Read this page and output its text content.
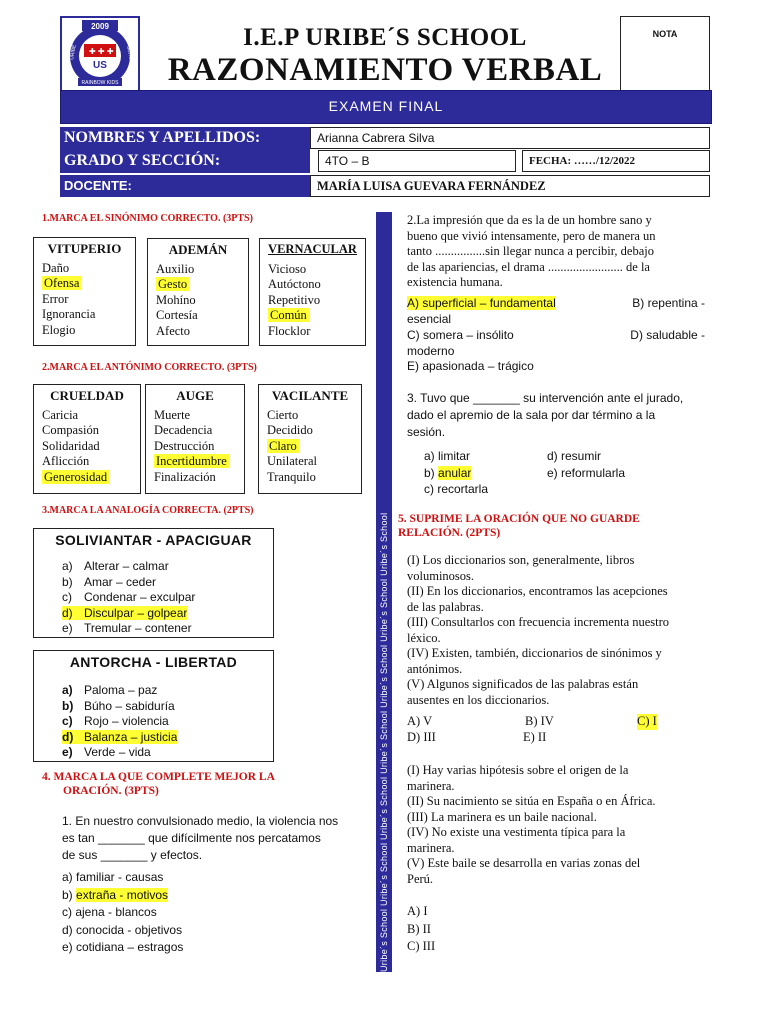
✚ ✚ ✚
US
2009
URIBE	SCHOOL
RAINBOW KIDS
I.E.P URIBE´S SCHOOL
RAZONAMIENTO VERBAL
NOTA
EXAMEN FINAL
NOMBRES Y APELLIDOS:	Arianna Cabrera Silva
GRADO Y SECCIÓN:	4TO – B	FECHA: ……/12/2022
DOCENTE:	MARÍA LUISA GUEVARA FERNÁNDEZ
Uribe´s School Uribe´s School Uribe´s School Uribe´s School Uribe´s School Uribe´s School Uribe´s School
1.MARCA EL SINÓNIMO CORRECTO. (3PTS)
VITUPERIO
Daño
Ofensa
Error
Ignorancia
Elogio
ADEMÁN
Auxilio
Gesto
Mohíno
Cortesía
Afecto
VERNACULAR
Vicioso
Autóctono
Repetitivo
Común
Flocklor
2.MARCA EL ANTÓNIMO CORRECTO. (3PTS)
CRUELDAD
Caricia
Compasión
Solidaridad
Aflicción
Generosidad
AUGE
Muerte
Decadencia
Destrucción
Incertidumbre
Finalización
VACILANTE
Cierto
Decidido
Claro
Unilateral
Tranquilo
3.MARCA LA ANALOGÍA CORRECTA. (2PTS)
SOLIVIANTAR - APACIGUAR
a) Alterar – calmar
b) Amar – ceder
c) Condenar – exculpar
d) Disculpar – golpear
e) Tremular – contener
ANTORCHA - LIBERTAD
a) Paloma – paz
b) Búho – sabiduría
c) Rojo – violencia
d) Balanza – justicia
e) Verde – vida
4. MARCA LA QUE COMPLETE MEJOR LA
ORACIÓN. (3PTS)
1. En nuestro convulsionado medio, la violencia nos
es tan _______ que difícilmente nos percatamos
de sus _______ y efectos.
a) familiar - causas
b) extraña - motivos
c) ajena - blancos
d) conocida - objetivos
e) cotidiana – estragos
2.La impresión que da es la de un hombre sano y
bueno que vivió intensamente, pero de manera un
tanto ................sin llegar nunca a percibir, debajo
de las apariencias, el drama ........................ de la
existencia humana.
A) superficial – fundamental	B) repentina -
esencial
C) somera – insólito	D) saludable -
moderno
E) apasionada – trágico
3. Tuvo que _______ su intervención ante el jurado,
dado el apremio de la sala por dar término a la
sesión.
a) limitar	d) resumir
b) anular	e) reformularla
c) recortarla
5. SUPRIME LA ORACIÓN QUE NO GUARDE
RELACIÓN. (2PTS)
(I) Los diccionarios son, generalmente, libros
voluminosos.
(II) En los diccionarios, encontramos las acepciones
de las palabras.
(III) Consultarlos con frecuencia incrementa nuestro
léxico.
(IV) Existen, también, diccionarios de sinónimos y
antónimos.
(V) Algunos significados de las palabras están
ausentes en los diccionarios.
A) V	B) IV	C) I
D) III	E) II
(I) Hay varias hipótesis sobre el origen de la
marinera.
(II) Su nacimiento se sitúa en España o en África.
(III) La marinera es un baile nacional.
(IV) No existe una vestimenta típica para la
marinera.
(V) Este baile se desarrolla en varias zonas del
Perú.
A) I
B) II
C) III
